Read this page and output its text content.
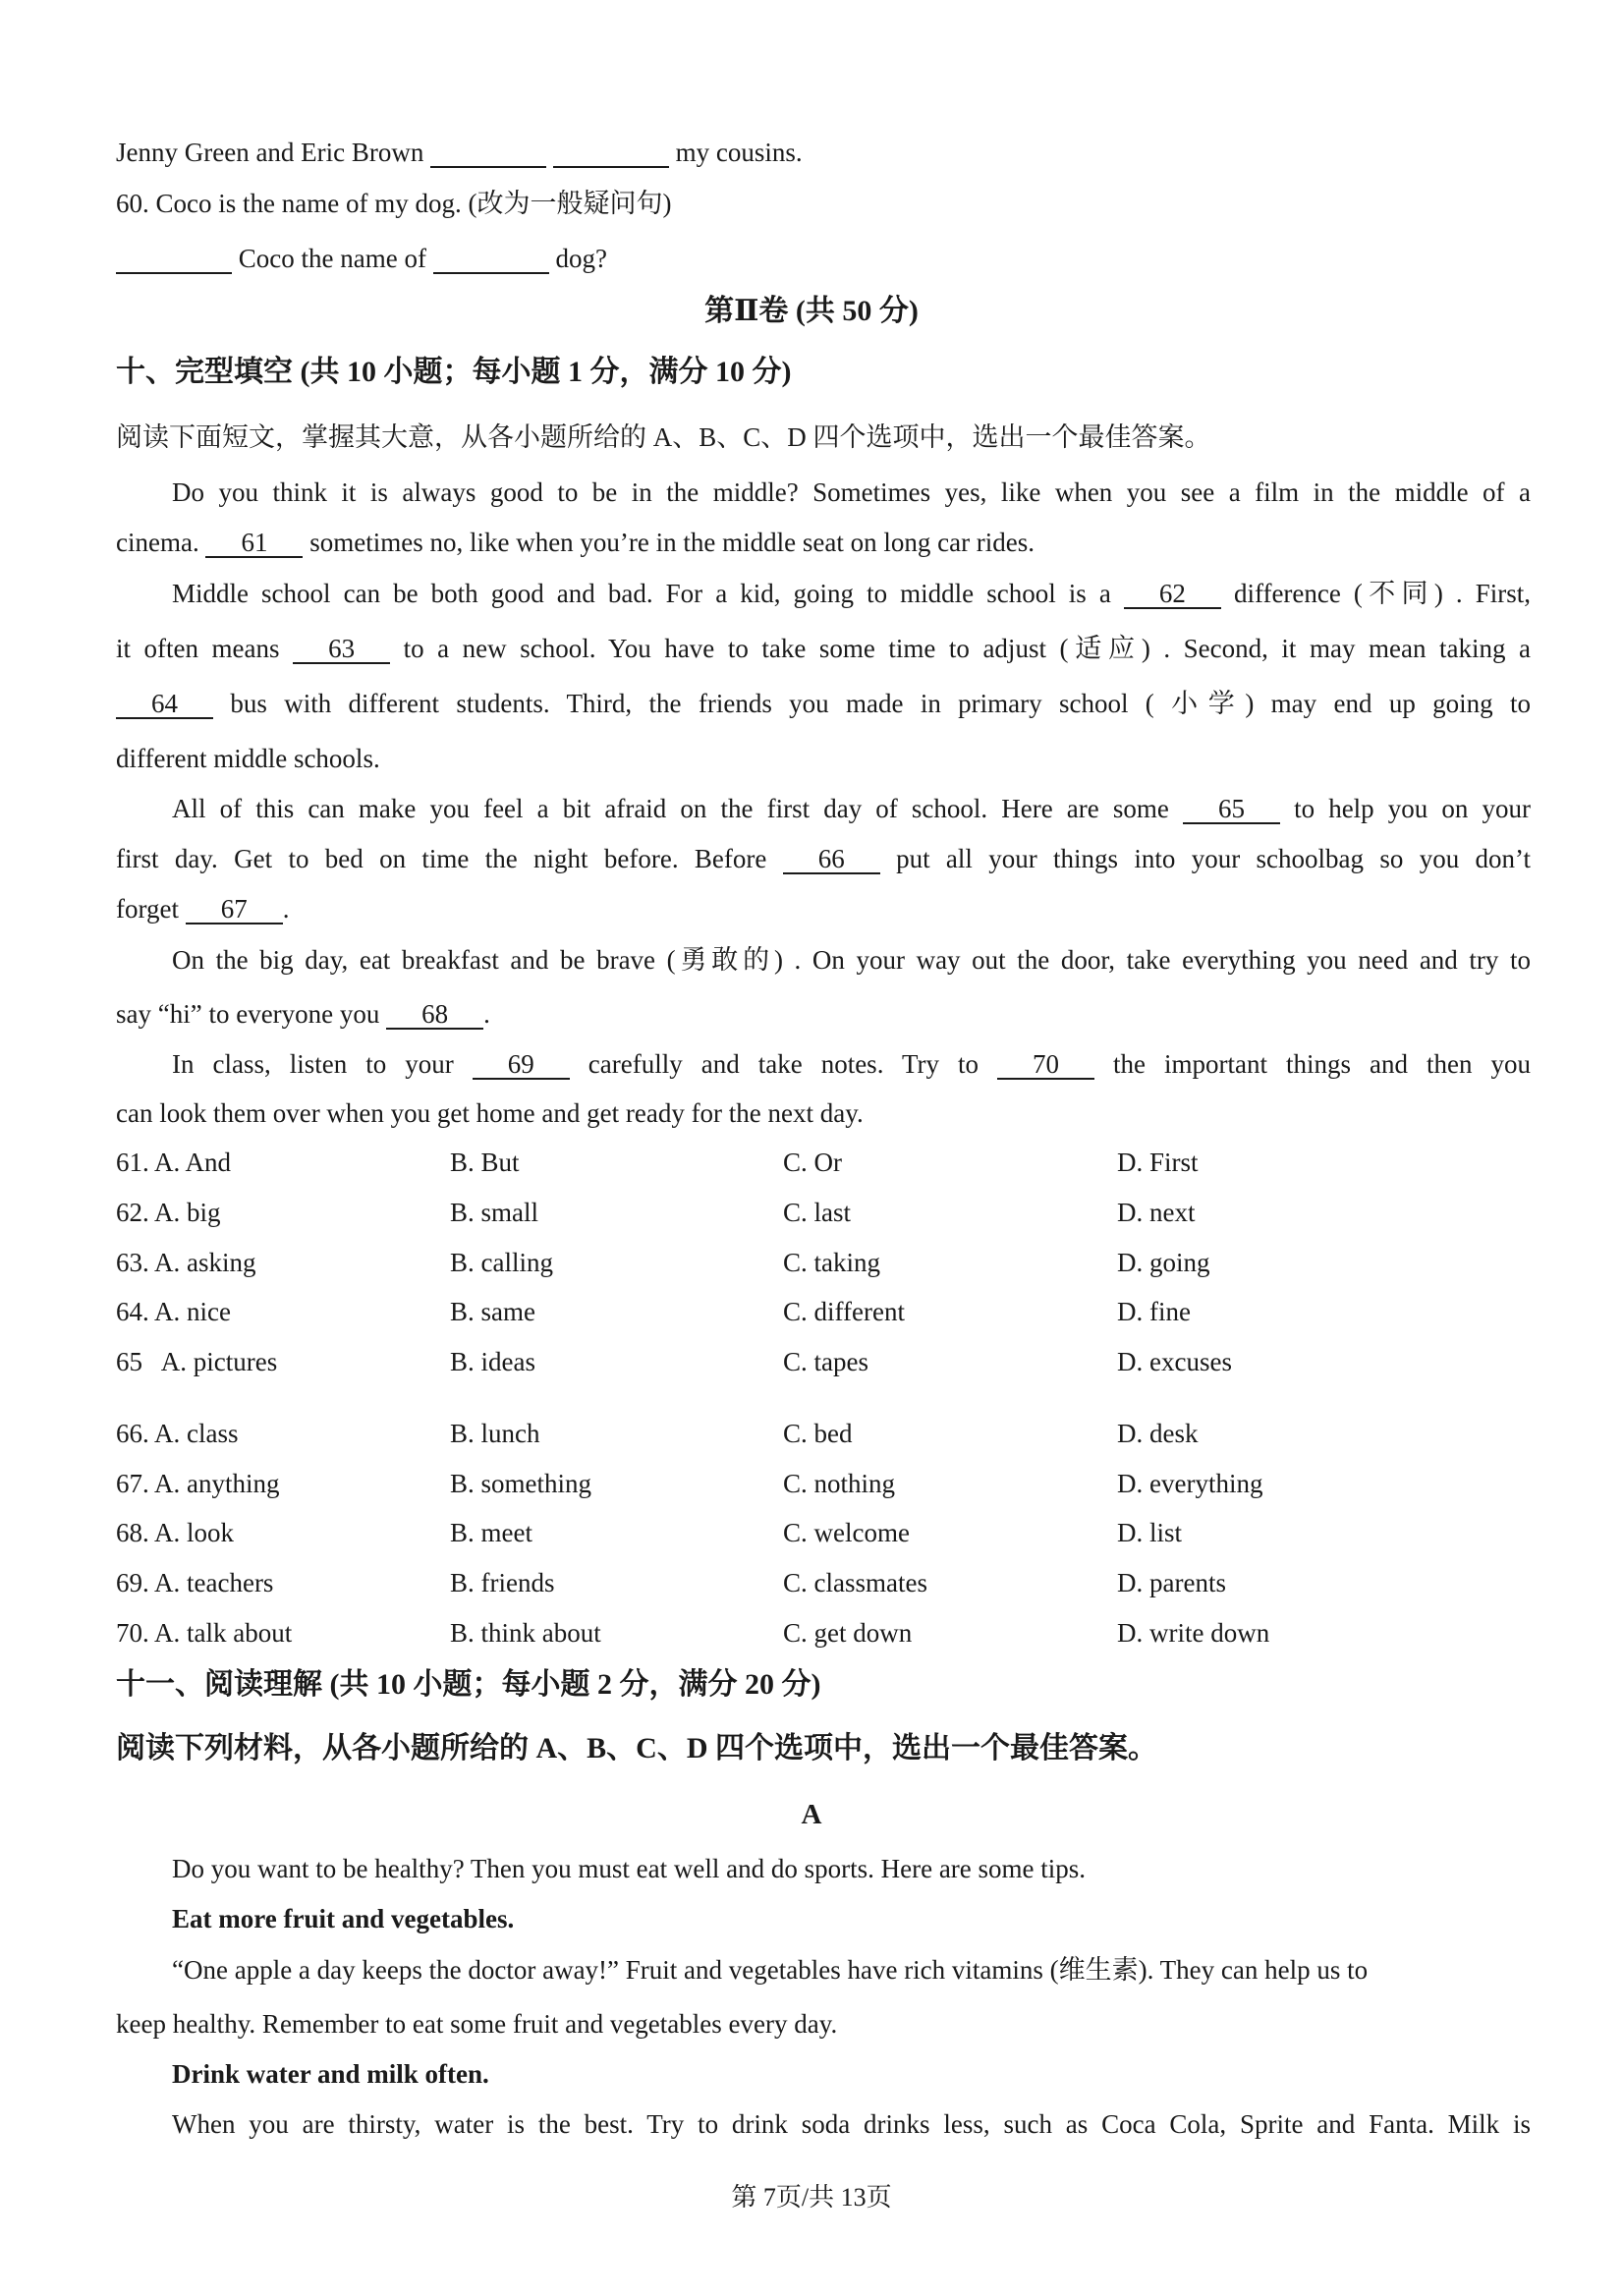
Jenny Green and Eric Brown	my cousins.
60. Coco is the name of my dog. (改为一般疑问句)
Coco the name of	dog?
第Ⅱ卷 (共 50 分)
十、完型填空 (共 10 小题；每小题 1 分，满分 10 分)
阅读下面短文，掌握其大意，从各小题所给的 A、B、C、D 四个选项中，选出一个最佳答案。
Do you think it is always good to be in the middle? Sometimes yes, like when you see a film in the middle of a
cinema. 61 sometimes no, like when you’re in the middle seat on long car rides.
Middle school can be both good and bad. For a kid, going to middle school is a 62 difference (不同) . First,
it often means 63 to a new school. You have to take some time to adjust (适应) . Second, it may mean taking a
64 bus with different students. Third, the friends you made in primary school ( 小学) may end up going to
different middle schools.
All of this can make you feel a bit afraid on the first day of school. Here are some 65 to help you on your
first day. Get to bed on time the night before. Before 66 put all your things into your schoolbag so you don’t
forget 67 .
On the big day, eat breakfast and be brave (勇敢的) . On your way out the door, take everything you need and try to
say “hi” to everyone you 68 .
In class, listen to your 69 carefully and take notes. Try to 70 the important things and then you
can look them over when you get home and get ready for the next day.
61. A. And	B. But	C. Or	D. First
62. A. big	B. small	C. last	D. next
63. A. asking	B. calling	C. taking	D. going
64. A. nice	B. same	C. different	D. fine
65   A. pictures	B. ideas	C. tapes	D. excuses
66. A. class	B. lunch	C. bed	D. desk
67. A. anything	B. something	C. nothing	D. everything
68. A. look	B. meet	C. welcome	D. list
69. A. teachers	B. friends	C. classmates	D. parents
70. A. talk about	B. think about	C. get down	D. write down
十一、阅读理解 (共 10 小题；每小题 2 分，满分 20 分)
阅读下列材料，从各小题所给的 A、B、C、D 四个选项中，选出一个最佳答案。
A
Do you want to be healthy? Then you must eat well and do sports. Here are some tips.
Eat more fruit and vegetables.
“One apple a day keeps the doctor away!” Fruit and vegetables have rich vitamins (维生素). They can help us to
keep healthy. Remember to eat some fruit and vegetables every day.
Drink water and milk often.
When you are thirsty, water is the best. Try to drink soda drinks less, such as Coca Cola, Sprite and Fanta. Milk is
第 7页/共 13页
